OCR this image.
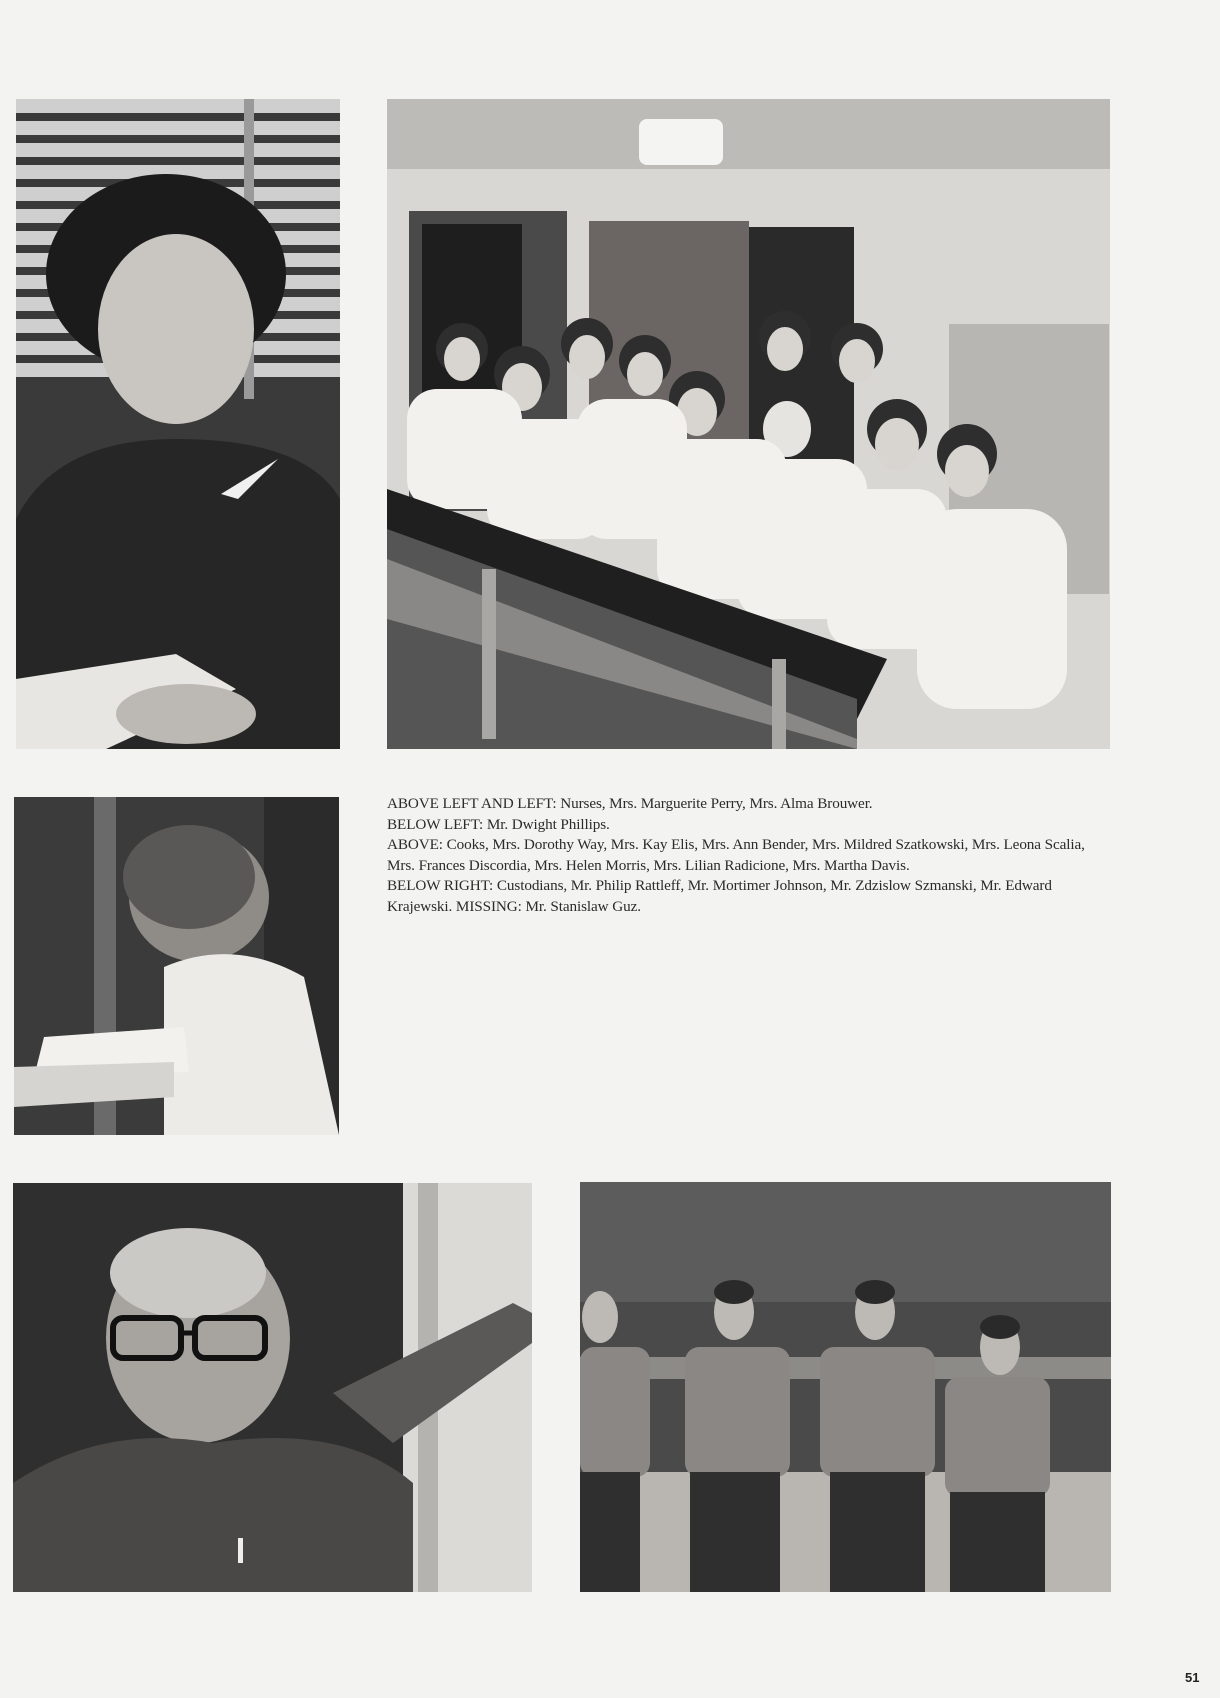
ABOVE LEFT AND LEFT: Nurses, Mrs. Marguerite Perry, Mrs. Alma Brouwer.

BELOW LEFT: Mr. Dwight Phillips.

ABOVE: Cooks, Mrs. Dorothy Way, Mrs. Kay Elis, Mrs. Ann Bender, Mrs. Mildred Szatkowski, Mrs. Leona Scalia, Mrs. Frances Discordia, Mrs. Helen Morris, Mrs. Lilian Radicione, Mrs. Martha Davis.

BELOW RIGHT: Custodians, Mr. Philip Rattleff, Mr. Mortimer Johnson, Mr. Zdzislow Szmanski, Mr. Edward Krajewski. MISSING: Mr. Stanislaw Guz.

51
